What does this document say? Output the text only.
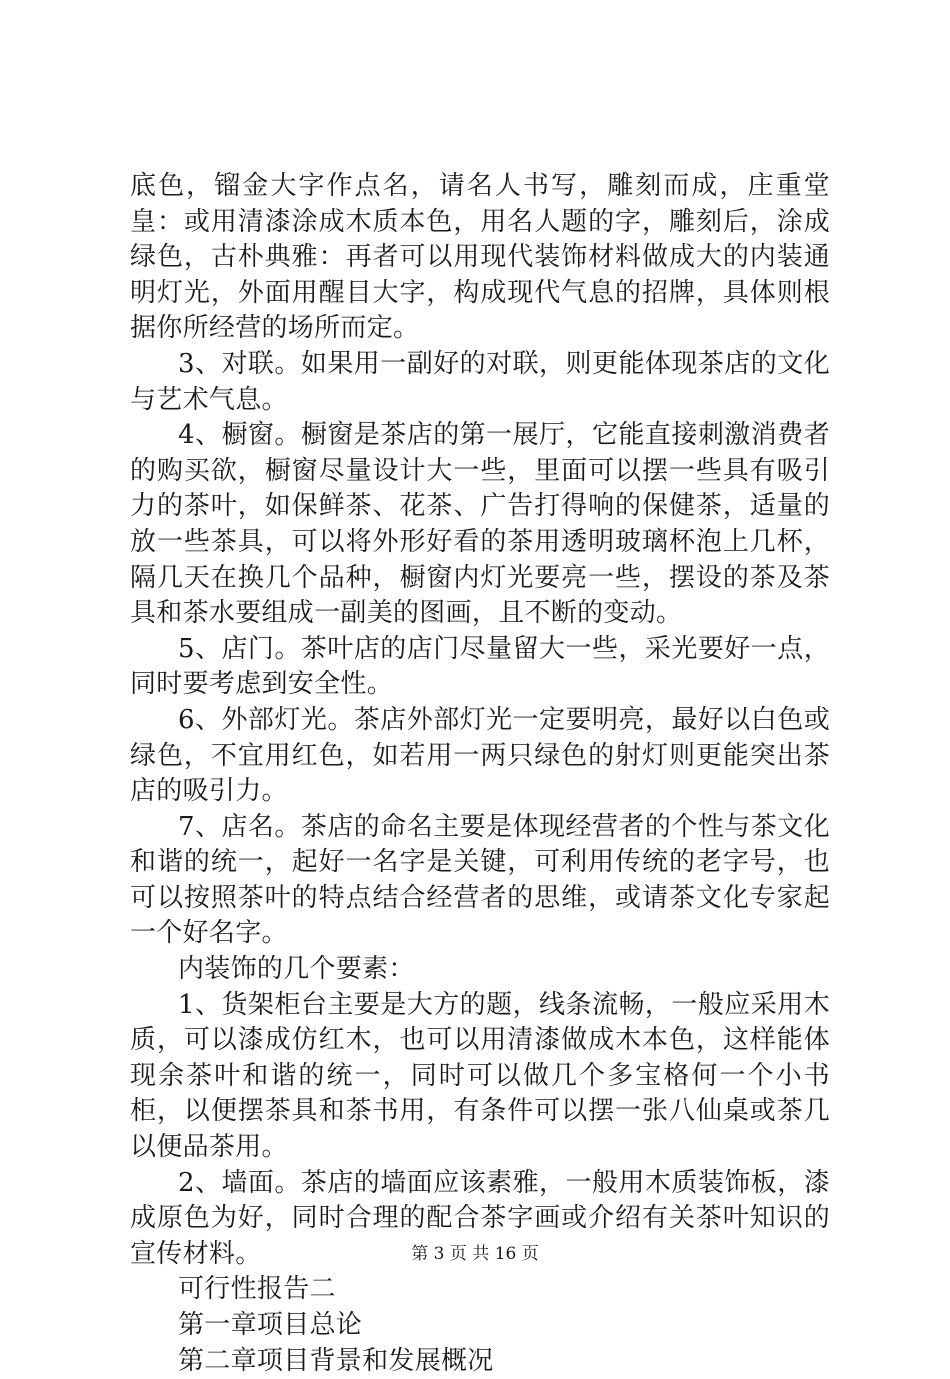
底色，镏金大字作点名，请名人书写，雕刻而成，庄重堂皇：或用清漆涂成木质本色，用名人题的字，雕刻后，涂成绿色，古朴典雅：再者可以用现代装饰材料做成大的内装通明灯光，外面用醒目大字，构成现代气息的招牌，具体则根据你所经营的场所而定。

3、对联。如果用一副好的对联，则更能体现茶店的文化与艺术气息。

4、橱窗。橱窗是茶店的第一展厅，它能直接刺激消费者的购买欲，橱窗尽量设计大一些，里面可以摆一些具有吸引力的茶叶，如保鲜茶、花茶、广告打得响的保健茶，适量的放一些茶具，可以将外形好看的茶用透明玻璃杯泡上几杯，隔几天在换几个品种，橱窗内灯光要亮一些，摆设的茶及茶具和茶水要组成一副美的图画，且不断的变动。

5、店门。茶叶店的店门尽量留大一些，采光要好一点，同时要考虑到安全性。

6、外部灯光。茶店外部灯光一定要明亮，最好以白色或绿色，不宜用红色，如若用一两只绿色的射灯则更能突出茶店的吸引力。

7、店名。茶店的命名主要是体现经营者的个性与茶文化和谐的统一，起好一名字是关键，可利用传统的老字号，也可以按照茶叶的特点结合经营者的思维，或请茶文化专家起一个好名字。

内装饰的几个要素：

1、货架柜台主要是大方的题，线条流畅，一般应采用木质，可以漆成仿红木，也可以用清漆做成木本色，这样能体现余茶叶和谐的统一，同时可以做几个多宝格何一个小书柜，以便摆茶具和茶书用，有条件可以摆一张八仙桌或茶几以便品茶用。

2、墙面。茶店的墙面应该素雅，一般用木质装饰板，漆成原色为好，同时合理的配合茶字画或介绍有关茶叶知识的宣传材料。

可行性报告二

第一章项目总论

第二章项目背景和发展概况

第 3 页 共 16 页
